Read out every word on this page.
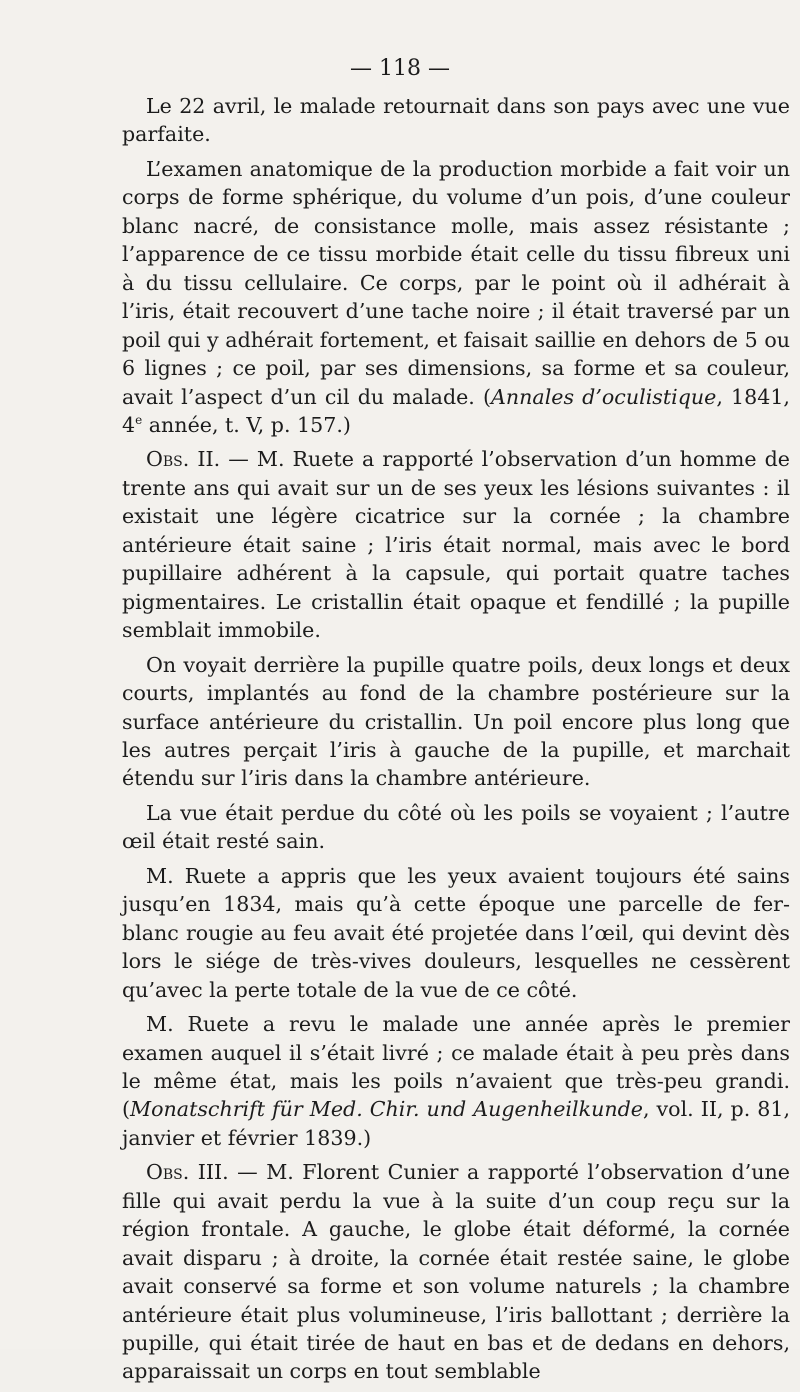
— 118 —

Le 22 avril, le malade retournait dans son pays avec une vue parfaite.

L’examen anatomique de la production morbide a fait voir un corps de forme sphérique, du volume d’un pois, d’une couleur blanc nacré, de consistance molle, mais assez résistante ; l’apparence de ce tissu morbide était celle du tissu fibreux uni à du tissu cellulaire. Ce corps, par le point où il adhérait à l’iris, était recouvert d’une tache noire ; il était traversé par un poil qui y adhérait fortement, et faisait saillie en dehors de 5 ou 6 lignes ; ce poil, par ses dimensions, sa forme et sa couleur, avait l’aspect d’un cil du malade. (Annales d’oculistique, 1841, 4e année, t. V, p. 157.)

Obs. II. — M. Ruete a rapporté l’observation d’un homme de trente ans qui avait sur un de ses yeux les lésions suivantes : il existait une légère cicatrice sur la cornée ; la chambre antérieure était saine ; l’iris était normal, mais avec le bord pupillaire adhérent à la capsule, qui portait quatre taches pigmentaires. Le cristallin était opaque et fendillé ; la pupille semblait immobile.

On voyait derrière la pupille quatre poils, deux longs et deux courts, implantés au fond de la chambre postérieure sur la surface antérieure du cristallin. Un poil encore plus long que les autres perçait l’iris à gauche de la pupille, et marchait étendu sur l’iris dans la chambre antérieure.

La vue était perdue du côté où les poils se voyaient ; l’autre œil était resté sain.

M. Ruete a appris que les yeux avaient toujours été sains jusqu’en 1834, mais qu’à cette époque une parcelle de fer-blanc rougie au feu avait été projetée dans l’œil, qui devint dès lors le siége de très-vives douleurs, lesquelles ne cessèrent qu’avec la perte totale de la vue de ce côté.

M. Ruete a revu le malade une année après le premier examen auquel il s’était livré ; ce malade était à peu près dans le même état, mais les poils n’avaient que très-peu grandi. (Monatschrift für Med. Chir. und Augenheilkunde, vol. II, p. 81, janvier et février 1839.)

Obs. III. — M. Florent Cunier a rapporté l’observation d’une fille qui avait perdu la vue à la suite d’un coup reçu sur la région frontale. A gauche, le globe était déformé, la cornée avait disparu ; à droite, la cornée était restée saine, le globe avait conservé sa forme et son volume naturels ; la chambre antérieure était plus volumineuse, l’iris ballottant ; derrière la pupille, qui était tirée de haut en bas et de dedans en dehors, apparaissait un corps en tout semblable
